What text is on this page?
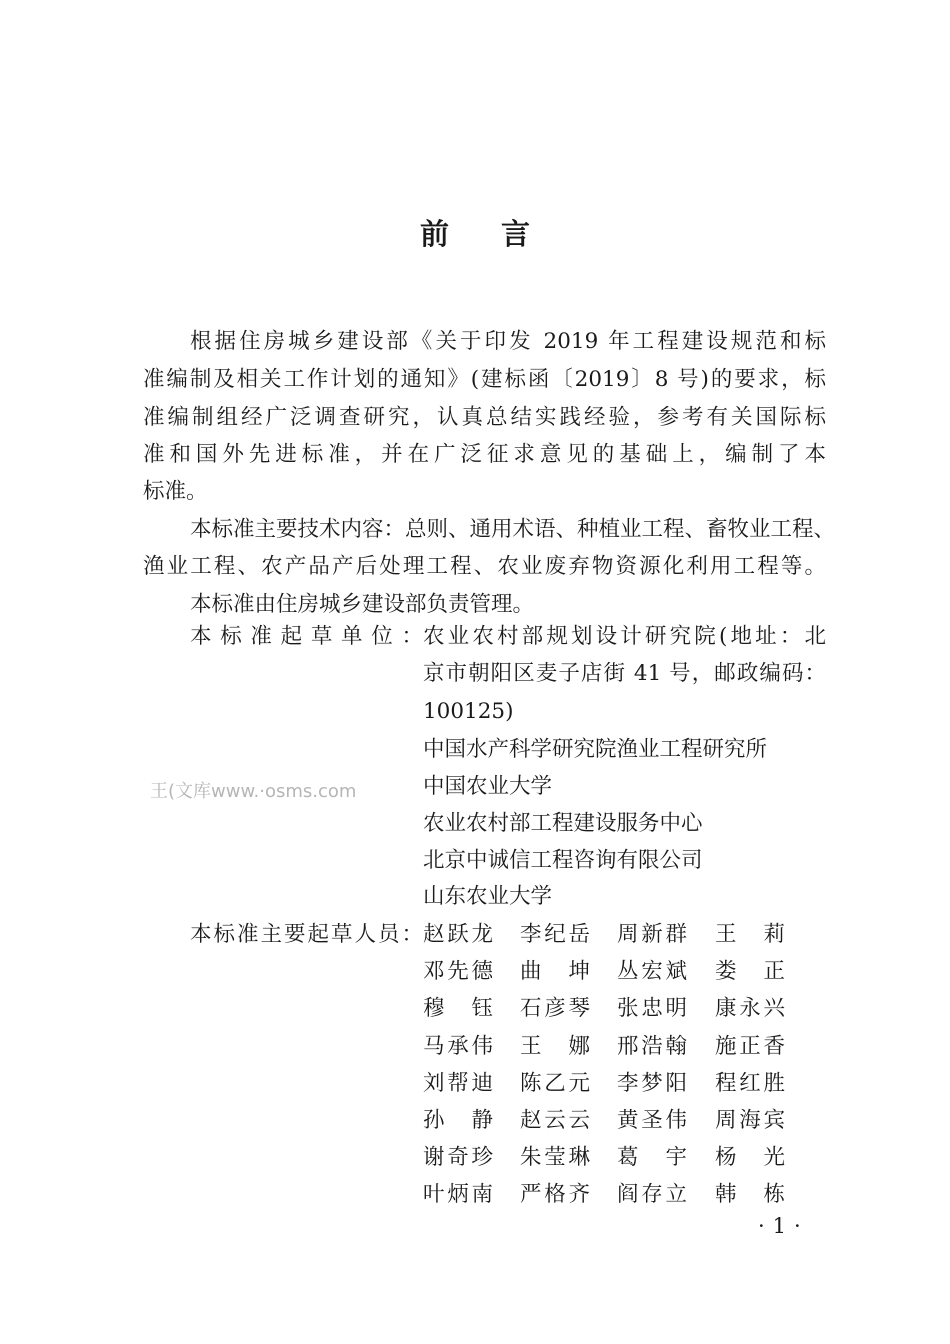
前言
根据住房城乡建设部《关于印发 2019 年工程建设规范和标
准编制及相关工作计划的通知》(建标函〔2019〕8 号)的要求，标
准编制组经广泛调查研究，认真总结实践经验，参考有关国际标
准和国外先进标准，并在广泛征求意见的基础上，编制了本
标准。
本标准主要技术内容：总则、通用术语、种植业工程、畜牧业工程、
渔业工程、农产品产后处理工程、农业废弃物资源化利用工程等。
本标准由住房城乡建设部负责管理。
本标准起草单位： 农业农村部规划设计研究院(地址：北
京市朝阳区麦子店街 41 号，邮政编码：
100125)
中国水产科学研究院渔业工程研究所
中国农业大学
农业农村部工程建设服务中心
北京中诚信工程咨询有限公司
山东农业大学
本标准主要起草人员： 赵跃龙 李纪岳 周新群 王 莉
邓先德 曲 坤 丛宏斌 娄 正
穆 钰 石彦琴 张忠明 康永兴
马承伟 王 娜 邢浩翰 施正香
刘帮迪 陈乙元 李梦阳 程红胜
孙 静 赵云云 黄圣伟 周海宾
谢奇珍 朱莹琳 葛 宇 杨 光
叶炳南 严格齐 阎存立 韩 栋
·1·
王(文库www.·osms.com
